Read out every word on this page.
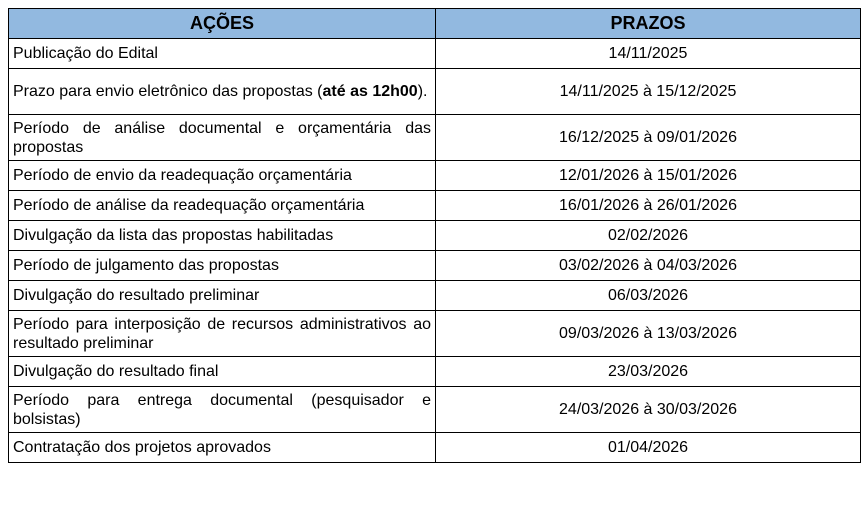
AÇÕES	PRAZOS
Publicação do Edital	14/11/2025
Prazo para envio eletrônico das propostas (até as 12h00).	14/11/2025 à 15/12/2025
Período de análise documental e orçamentária das propostas	16/12/2025 à 09/01/2026
Período de envio da readequação orçamentária	12/01/2026 à 15/01/2026
Período de análise da readequação orçamentária	16/01/2026 à 26/01/2026
Divulgação da lista das propostas habilitadas	02/02/2026
Período de julgamento das propostas	03/02/2026 à 04/03/2026
Divulgação do resultado preliminar	06/03/2026
Período para interposição de recursos administrativos ao resultado preliminar	09/03/2026 à 13/03/2026
Divulgação do resultado final	23/03/2026
Período para entrega documental (pesquisador e bolsistas)	24/03/2026 à 30/03/2026
Contratação dos projetos aprovados	01/04/2026
